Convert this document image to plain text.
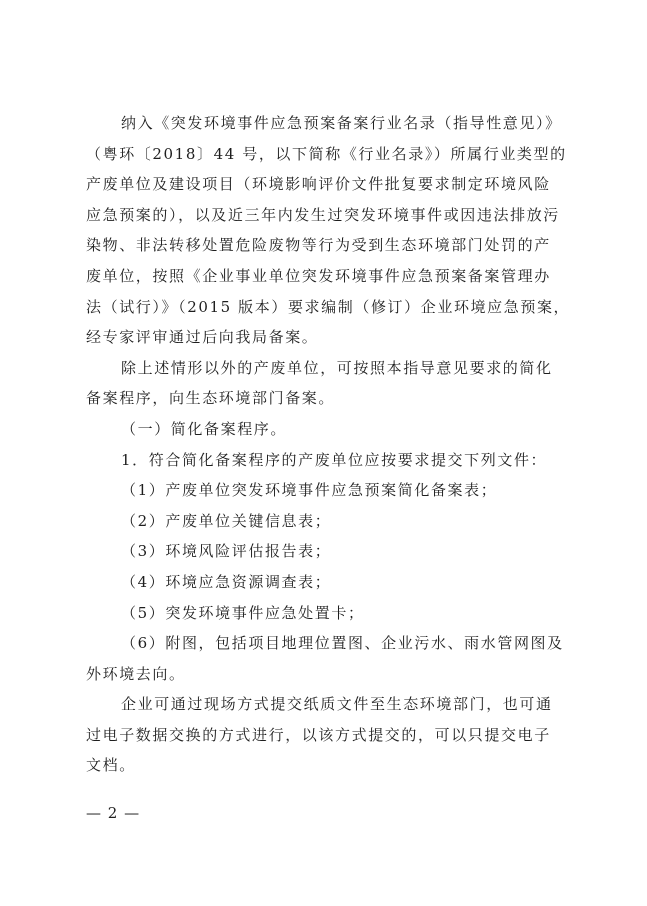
纳入《突发环境事件应急预案备案行业名录（指导性意见）》
（粤环〔2018〕44 号，以下简称《行业名录》）所属行业类型的
产废单位及建设项目（环境影响评价文件批复要求制定环境风险
应急预案的），以及近三年内发生过突发环境事件或因违法排放污
染物、非法转移处置危险废物等行为受到生态环境部门处罚的产
废单位，按照《企业事业单位突发环境事件应急预案备案管理办
法（试行）》（2015 版本）要求编制（修订）企业环境应急预案，
经专家评审通过后向我局备案。
除上述情形以外的产废单位，可按照本指导意见要求的简化
备案程序，向生态环境部门备案。
（一）简化备案程序。
1．符合简化备案程序的产废单位应按要求提交下列文件：
（1）产废单位突发环境事件应急预案简化备案表；
（2）产废单位关键信息表；
（3）环境风险评估报告表；
（4）环境应急资源调查表；
（5）突发环境事件应急处置卡；
（6）附图，包括项目地理位置图、企业污水、雨水管网图及
外环境去向。
企业可通过现场方式提交纸质文件至生态环境部门，也可通
过电子数据交换的方式进行，以该方式提交的，可以只提交电子
文档。
— 2 —
